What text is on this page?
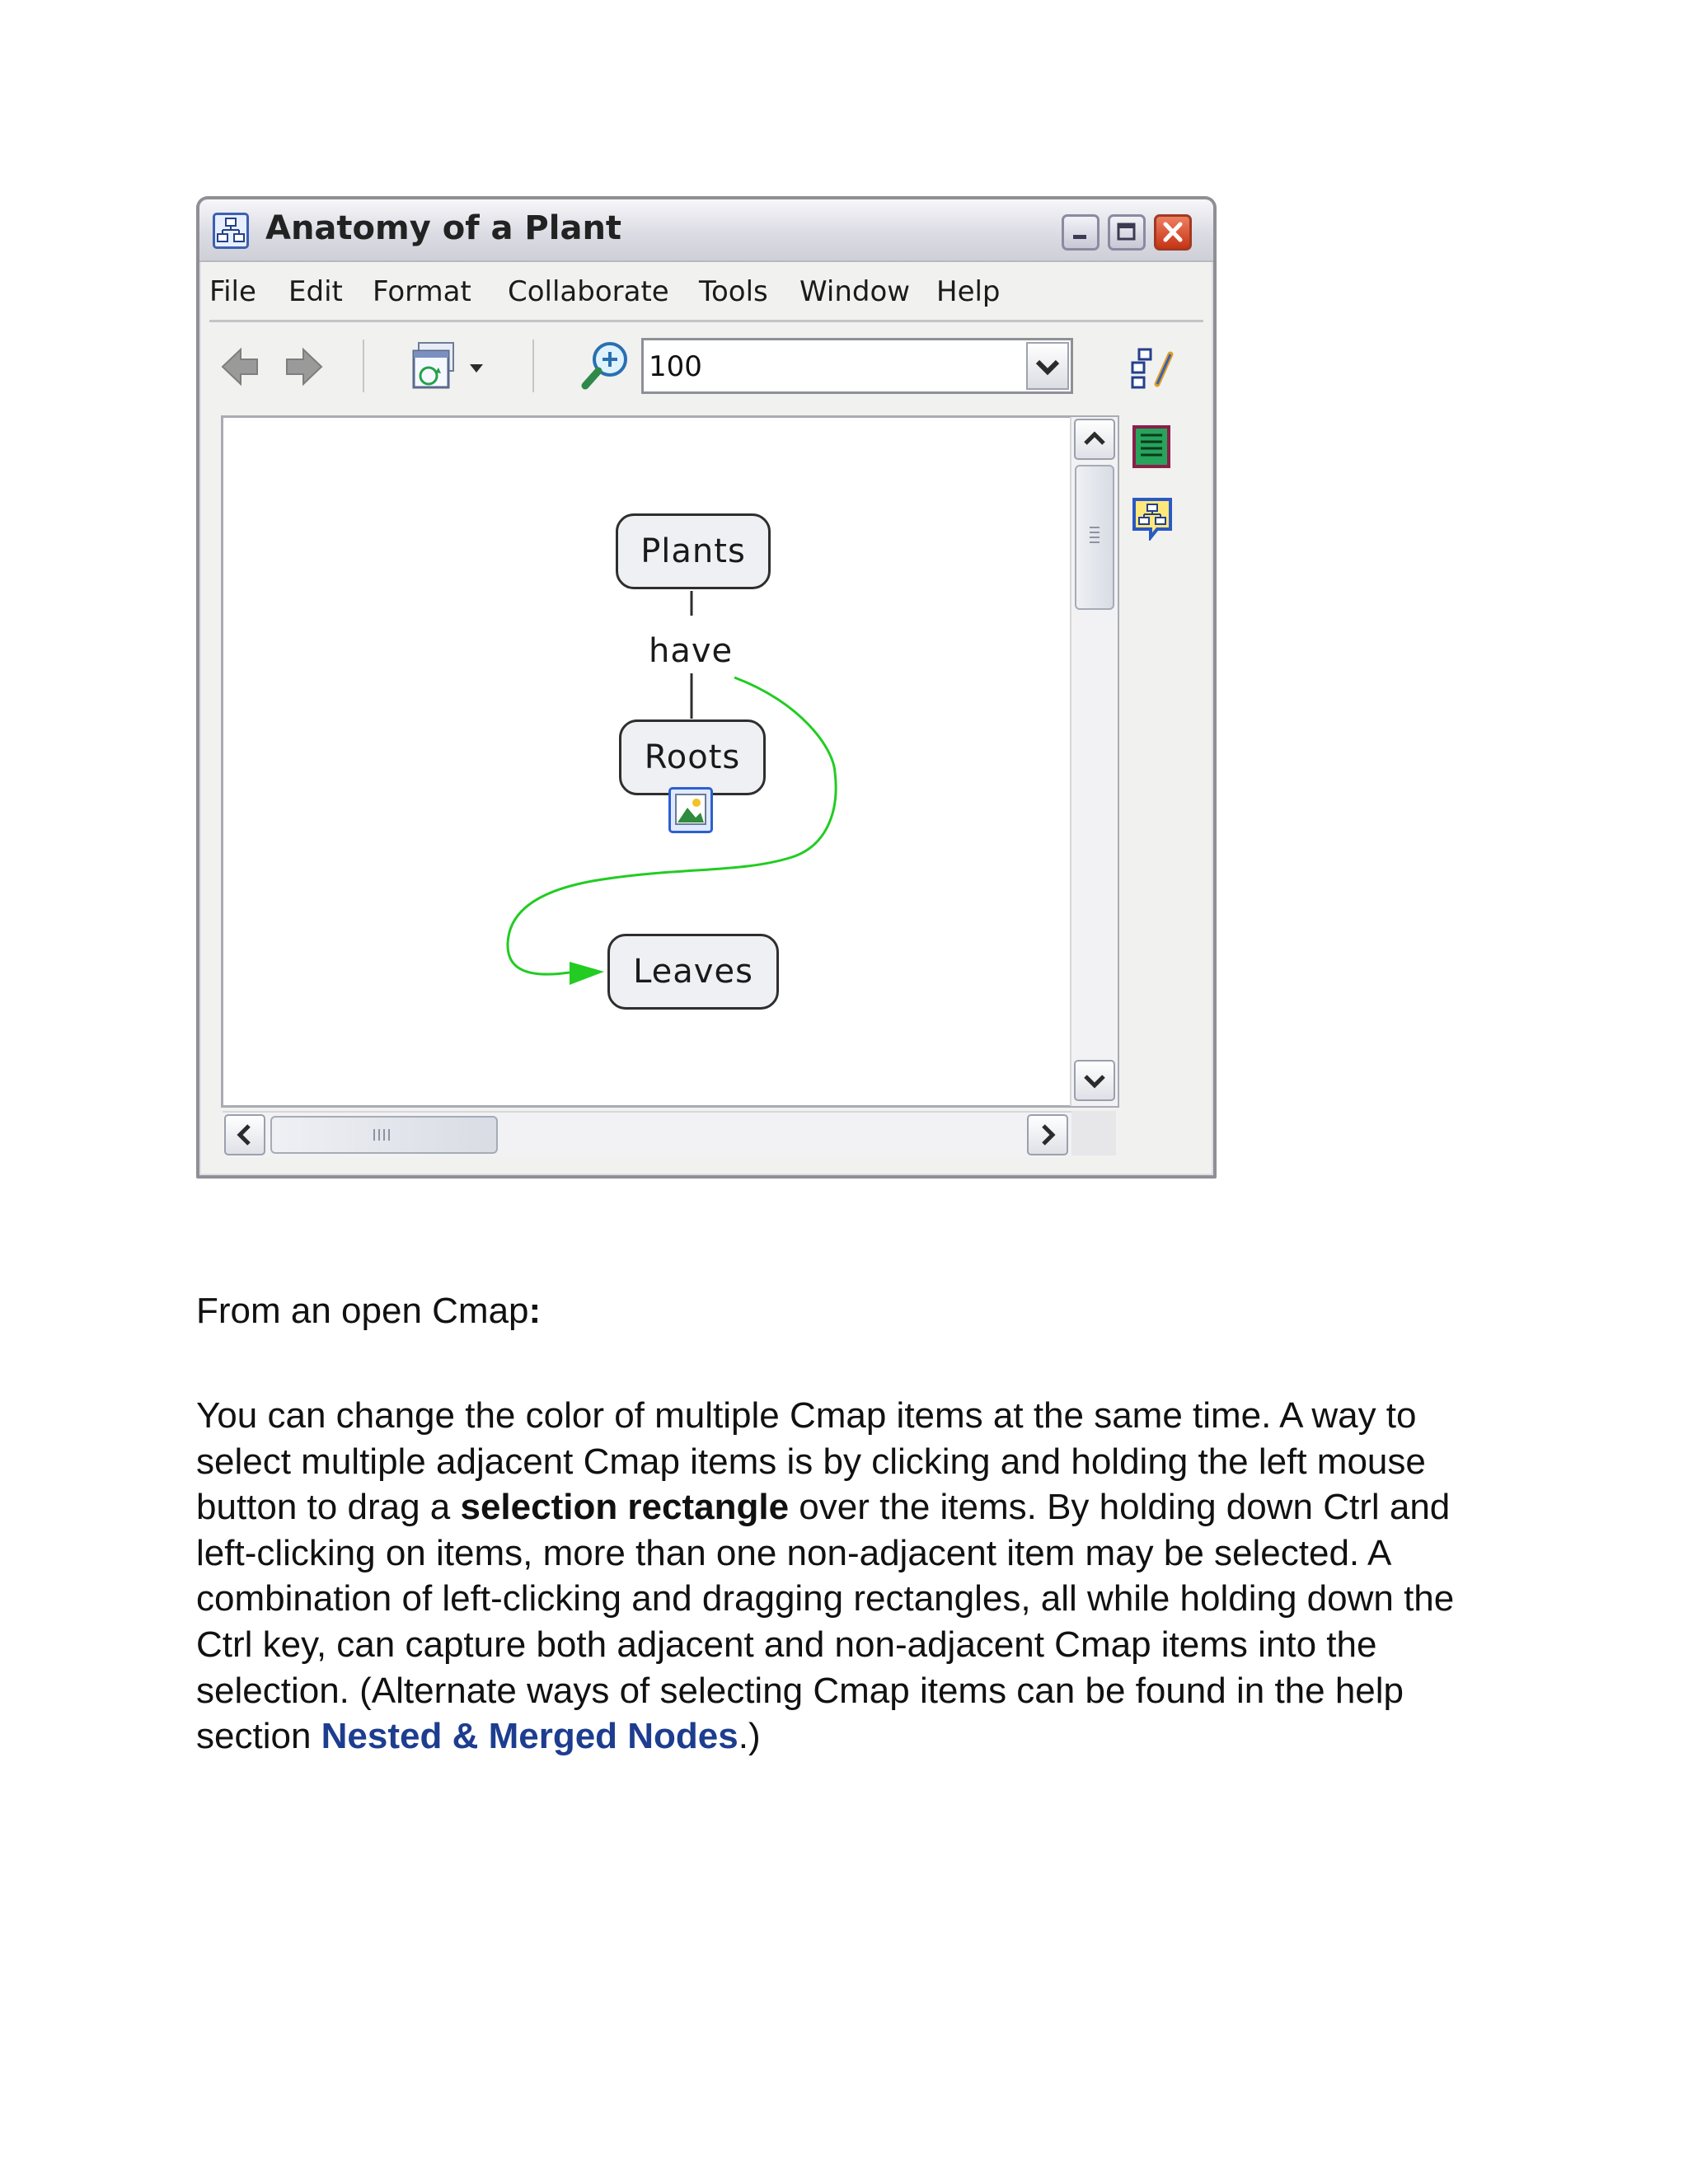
Anatomy of a Plant
File Edit Format Collaborate Tools Window Help
100
Plants
have
Roots
Leaves
From an open Cmap:
You can change the color of multiple Cmap items at the same time. A way to select multiple adjacent Cmap items is by clicking and holding the left mouse button to drag a selection rectangle over the items. By holding down Ctrl and left-clicking on items, more than one non-adjacent item may be selected. A combination of left-clicking and dragging rectangles, all while holding down the Ctrl key, can capture both adjacent and non-adjacent Cmap items into the selection. (Alternate ways of selecting Cmap items can be found in the help section Nested & Merged Nodes.)
